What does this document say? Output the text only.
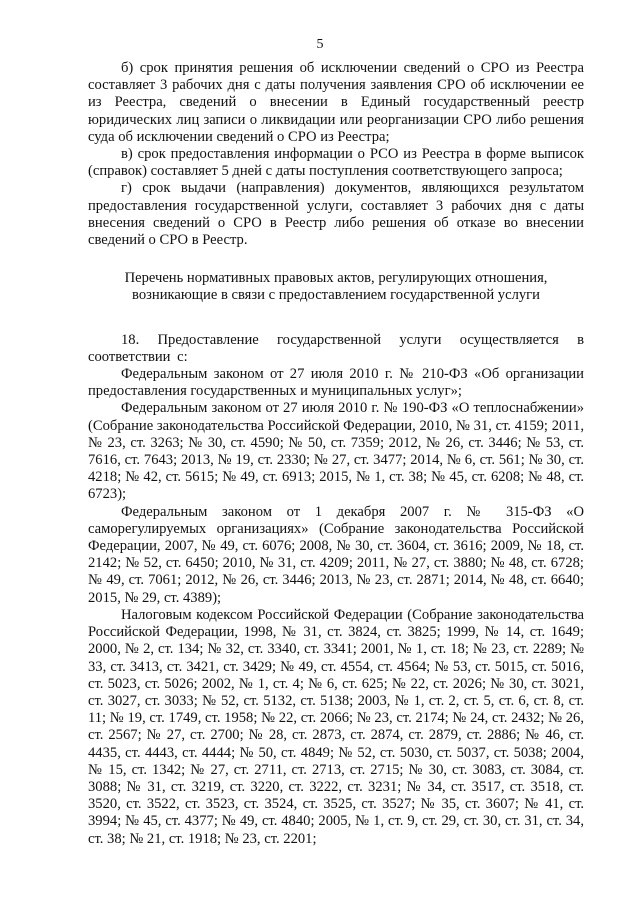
5

б) срок принятия решения об исключении сведений о СРО из Реестра составляет 3 рабочих дня с даты получения заявления СРО об исключении ее из Реестра, сведений о внесении в Единый государственный реестр юридических лиц записи о ликвидации или реорганизации СРО либо решения суда об исключении сведений о СРО из Реестра;

в) срок предоставления информации о РСО из Реестра в форме выписок (справок) составляет 5 дней с даты поступления соответствующего запроса;

г) срок выдачи (направления) документов, являющихся результатом предоставления государственной услуги, составляет 3 рабочих дня с даты внесения сведений о СРО в Реестр либо решения об отказе во внесении сведений о СРО в Реестр.

Перечень нормативных правовых актов, регулирующих отношения, возникающие в связи с предоставлением государственной услуги

18. Предоставление государственной услуги осуществляется в соответствии с:

Федеральным законом от 27 июля 2010 г. № 210-ФЗ «Об организации предоставления государственных и муниципальных услуг»;

Федеральным законом от 27 июля 2010 г. № 190-ФЗ «О теплоснабжении» (Собрание законодательства Российской Федерации, 2010, № 31, ст. 4159; 2011, № 23, ст. 3263; № 30, ст. 4590; № 50, ст. 7359; 2012, № 26, ст. 3446; № 53, ст. 7616, ст. 7643; 2013, № 19, ст. 2330; № 27, ст. 3477; 2014, № 6, ст. 561; № 30, ст. 4218; № 42, ст. 5615; № 49, ст. 6913; 2015, № 1, ст. 38; № 45, ст. 6208; № 48, ст. 6723);

Федеральным законом от 1 декабря 2007 г. № 315-ФЗ «О саморегулируемых организациях» (Собрание законодательства Российской Федерации, 2007, № 49, ст. 6076; 2008, № 30, ст. 3604, ст. 3616; 2009, № 18, ст. 2142; № 52, ст. 6450; 2010, № 31, ст. 4209; 2011, № 27, ст. 3880; № 48, ст. 6728; № 49, ст. 7061; 2012, № 26, ст. 3446; 2013, № 23, ст. 2871; 2014, № 48, ст. 6640; 2015, № 29, ст. 4389);

Налоговым кодексом Российской Федерации (Собрание законодательства Российской Федерации, 1998, № 31, ст. 3824, ст. 3825; 1999, № 14, ст. 1649; 2000, № 2, ст. 134; № 32, ст. 3340, ст. 3341; 2001, № 1, ст. 18; № 23, ст. 2289; № 33, ст. 3413, ст. 3421, ст. 3429; № 49, ст. 4554, ст. 4564; № 53, ст. 5015, ст. 5016, ст. 5023, ст. 5026; 2002, № 1, ст. 4; № 6, ст. 625; № 22, ст. 2026; № 30, ст. 3021, ст. 3027, ст. 3033; № 52, ст. 5132, ст. 5138; 2003, № 1, ст. 2, ст. 5, ст. 6, ст. 8, ст. 11; № 19, ст. 1749, ст. 1958; № 22, ст. 2066; № 23, ст. 2174; № 24, ст. 2432; № 26, ст. 2567; № 27, ст. 2700; № 28, ст. 2873, ст. 2874, ст. 2879, ст. 2886; № 46, ст. 4435, ст. 4443, ст. 4444; № 50, ст. 4849; № 52, ст. 5030, ст. 5037, ст. 5038; 2004, № 15, ст. 1342; № 27, ст. 2711, ст. 2713, ст. 2715; № 30, ст. 3083, ст. 3084, ст. 3088; № 31, ст. 3219, ст. 3220, ст. 3222, ст. 3231; № 34, ст. 3517, ст. 3518, ст. 3520, ст. 3522, ст. 3523, ст. 3524, ст. 3525, ст. 3527; № 35, ст. 3607; № 41, ст. 3994; № 45, ст. 4377; № 49, ст. 4840; 2005, № 1, ст. 9, ст. 29, ст. 30, ст. 31, ст. 34, ст. 38; № 21, ст. 1918; № 23, ст. 2201;
